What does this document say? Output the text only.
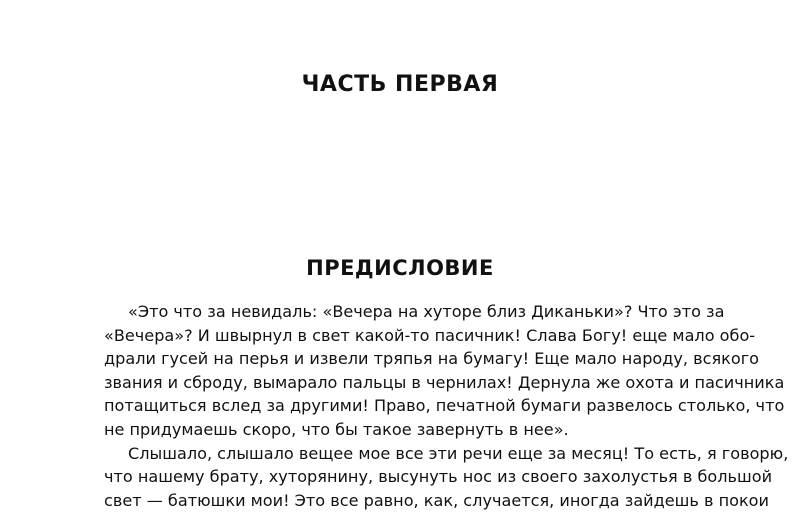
ЧАСТЬ ПЕРВАЯ
ПРЕДИСЛОВИЕ
«Это что за невидаль: «Вечера на хуторе близ Диканьки»? Что это за
«Вечера»? И швырнул в свет какой-то пасичник! Слава Богу! еще мало обо-
драли гусей на перья и извели тряпья на бумагу! Еще мало народу, всякого
звания и сброду, вымарало пальцы в чернилах! Дернула же охота и пасичника
потащиться вслед за другими! Право, печатной бумаги развелось столько, что
не придумаешь скоро, что бы такое завернуть в нее».
Слышало, слышало вещее мое все эти речи еще за месяц! То есть, я говорю,
что нашему брату, хуторянину, высунуть нос из своего захолустья в большой
свет — батюшки мои! Это все равно, как, случается, иногда зайдешь в покои
